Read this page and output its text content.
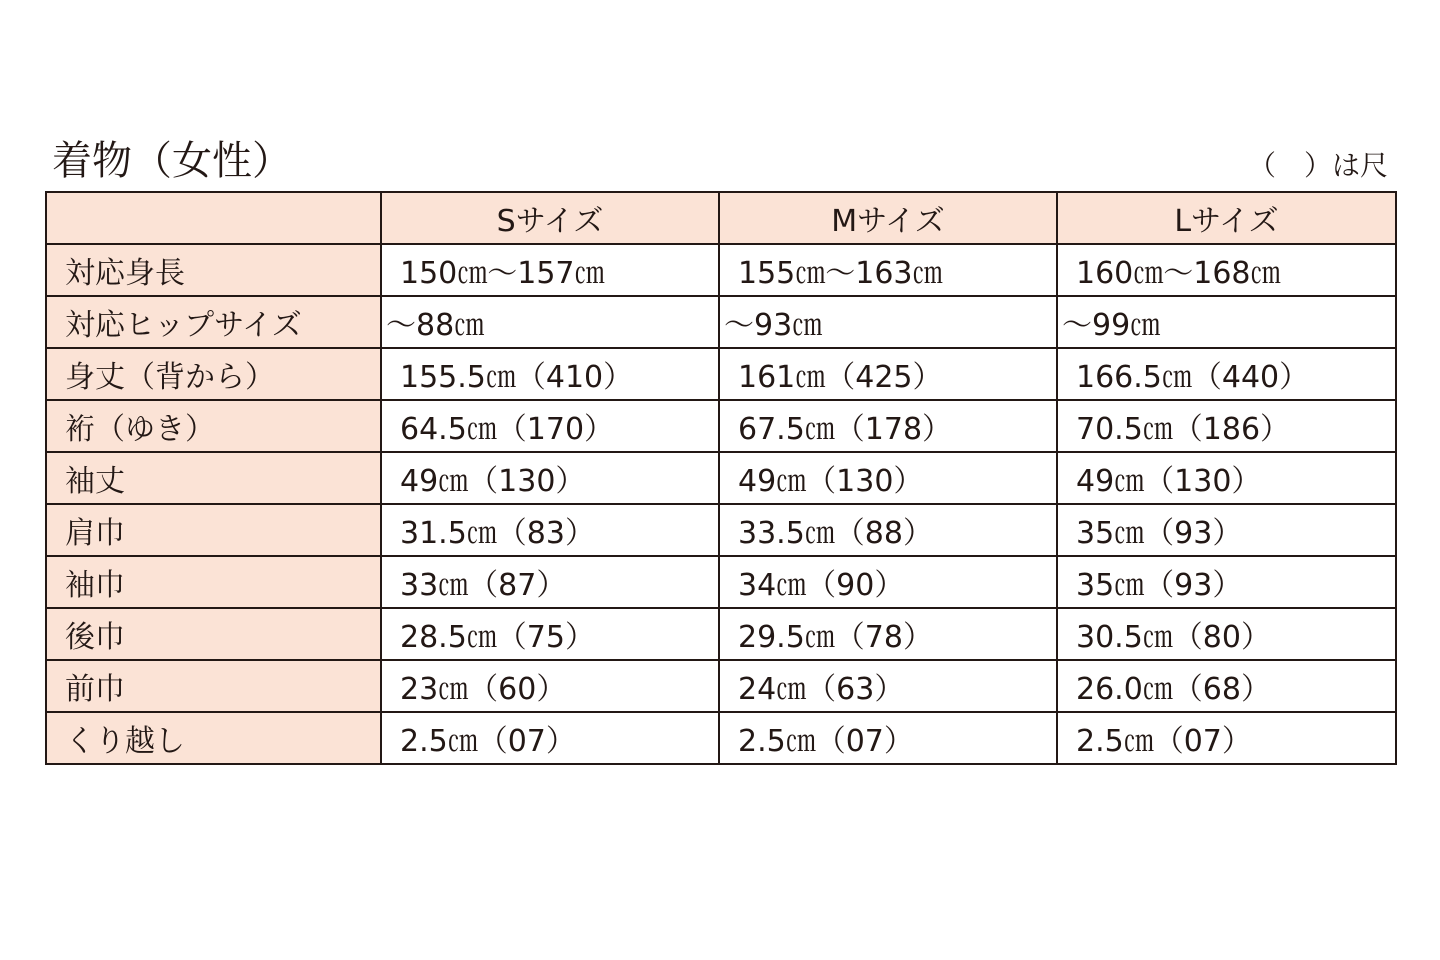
着物（女性）	（　）は尺
	Sサイズ	Mサイズ	Lサイズ
対応身長	150㎝～157㎝	155㎝～163㎝	160㎝～168㎝
対応ヒップサイズ	～88㎝	～93㎝	～99㎝
身丈（背から）	155.5㎝（410）	161㎝（425）	166.5㎝（440）
裄（ゆき）	64.5㎝（170）	67.5㎝（178）	70.5㎝（186）
袖丈	49㎝（130）	49㎝（130）	49㎝（130）
肩巾	31.5㎝（83）	33.5㎝（88）	35㎝（93）
袖巾	33㎝（87）	34㎝（90）	35㎝（93）
後巾	28.5㎝（75）	29.5㎝（78）	30.5㎝（80）
前巾	23㎝（60）	24㎝（63）	26.0㎝（68）
くり越し	2.5㎝（07）	2.5㎝（07）	2.5㎝（07）
